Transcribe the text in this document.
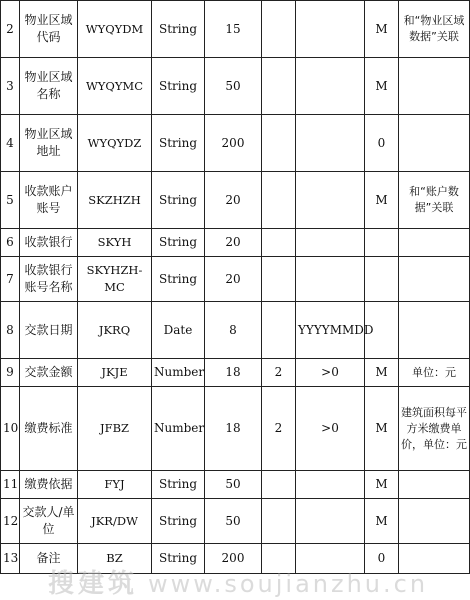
2	物业区域代码	WYQYDM	String	15			M	和“物业区域数据”关联
3	物业区域名称	WYQYMC	String	50			M	
4	物业区域地址	WYQYDZ	String	200			0	
5	收款账户账号	SKZHZH	String	20			M	和“账户数据”关联
6	收款银行	SKYH	String	20				
7	收款银行账号名称	SKYHZH-MC	String	20				
8	交款日期	JKRQ	Date	8		YYYYMMDD		
9	交款金额	JKJE	Number	18	2	>0	M	单位：元
10	缴费标准	JFBZ	Number	18	2	>0	M	建筑面积每平方米缴费单价，单位：元
11	缴费依据	FYJ	String	50			M	
12	交款人/单位	JKR/DW	String	50			M	
13	备注	BZ	String	200			0	
搜建筑 www.soujianzhu.cn
